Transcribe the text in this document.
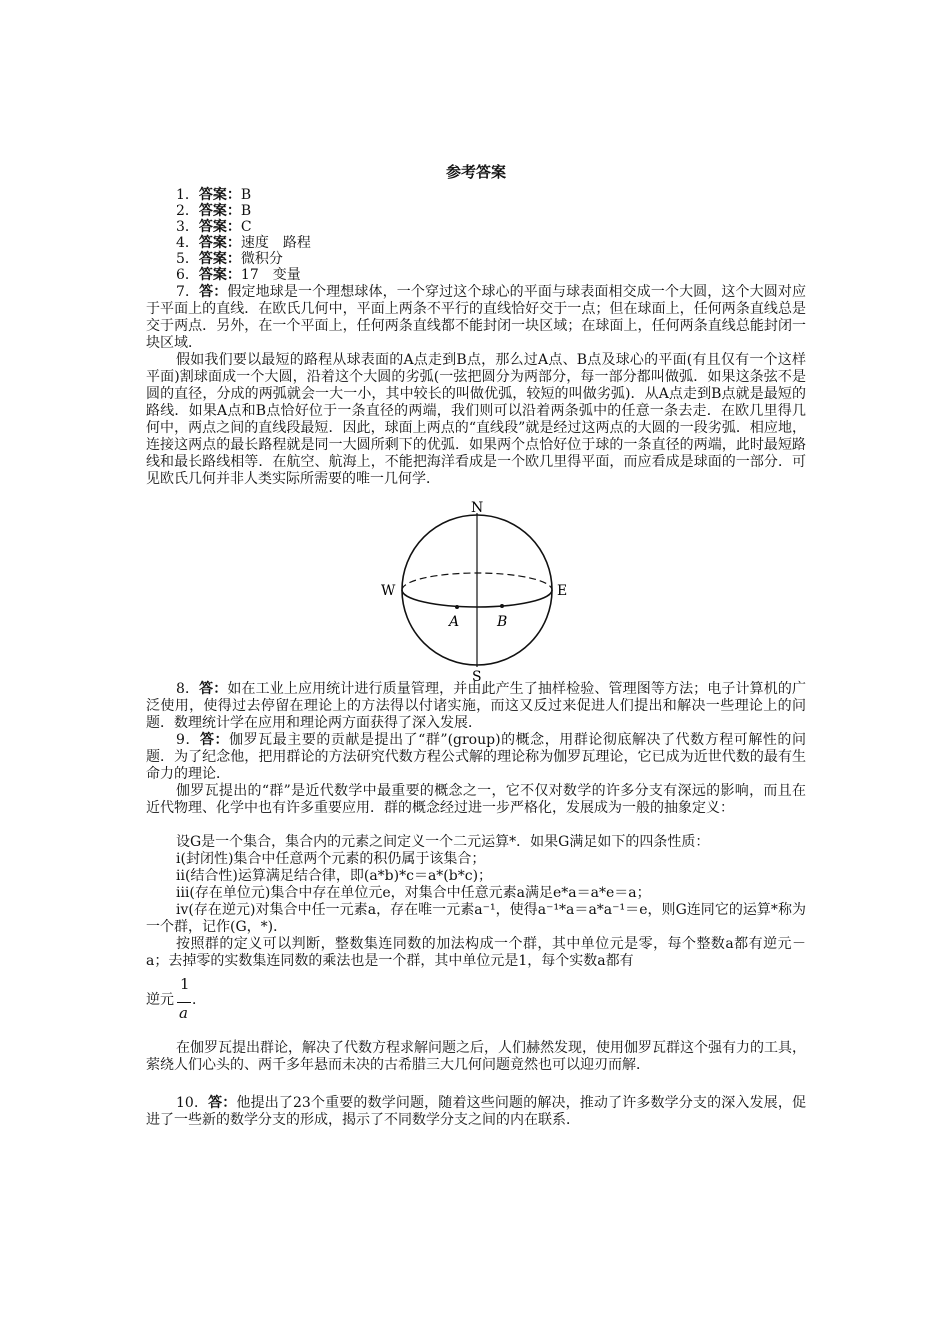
参考答案
1．答案：B
2．答案：B
3．答案：C
4．答案：速度　路程
5．答案：微积分
6．答案：17　变量
7．答：假定地球是一个理想球体，一个穿过这个球心的平面与球表面相交成一个大圆，这个大圆对应于平面上的直线．在欧氏几何中，平面上两条不平行的直线恰好交于一点；但在球面上，任何两条直线总是交于两点．另外，在一个平面上，任何两条直线都不能封闭一块区域；在球面上，任何两条直线总能封闭一块区域．
假如我们要以最短的路程从球表面的A点走到B点，那么过A点、B点及球心的平面(有且仅有一个这样平面)割球面成一个大圆，沿着这个大圆的劣弧(一弦把圆分为两部分，每一部分都叫做弧．如果这条弦不是圆的直径，分成的两弧就会一大一小，其中较长的叫做优弧，较短的叫做劣弧)．从A点走到B点就是最短的路线．如果A点和B点恰好位于一条直径的两端，我们则可以沿着两条弧中的任意一条去走．在欧几里得几何中，两点之间的直线段最短．因此，球面上两点的“直线段”就是经过这两点的大圆的一段劣弧．相应地，连接这两点的最长路程就是同一大圆所剩下的优弧．如果两个点恰好位于球的一条直径的两端，此时最短路线和最长路线相等．在航空、航海上，不能把海洋看成是一个欧几里得平面，而应看成是球面的一部分．可见欧氏几何并非人类实际所需要的唯一几何学．
N
S
W	E
A	B
8．答：如在工业上应用统计进行质量管理，并由此产生了抽样检验、管理图等方法；电子计算机的广泛使用，使得过去停留在理论上的方法得以付诸实施，而这又反过来促进人们提出和解决一些理论上的问题．数理统计学在应用和理论两方面获得了深入发展．
9．答：伽罗瓦最主要的贡献是提出了“群”(group)的概念，用群论彻底解决了代数方程可解性的问题．为了纪念他，把用群论的方法研究代数方程公式解的理论称为伽罗瓦理论，它已成为近世代数的最有生命力的理论．
伽罗瓦提出的“群”是近代数学中最重要的概念之一，它不仅对数学的许多分支有深远的影响，而且在近代物理、化学中也有许多重要应用．群的概念经过进一步严格化，发展成为一般的抽象定义：
设G是一个集合，集合内的元素之间定义一个二元运算*．如果G满足如下的四条性质：
ⅰ(封闭性)集合中任意两个元素的积仍属于该集合；
ⅱ(结合性)运算满足结合律，即(a*b)*c＝a*(b*c)；
ⅲ(存在单位元)集合中存在单位元e，对集合中任意元素a满足e*a＝a*e＝a；
ⅳ(存在逆元)对集合中任一元素a，存在唯一元素a⁻¹，使得a⁻¹*a＝a*a⁻¹＝e，则G连同它的运算*称为一个群，记作(G，*)．
按照群的定义可以判断，整数集连同数的加法构成一个群，其中单位元是零，每个整数a都有逆元－a；去掉零的实数集连同数的乘法也是一个群，其中单位元是1，每个实数a都有
逆元
1
a
．
在伽罗瓦提出群论，解决了代数方程求解问题之后，人们赫然发现，使用伽罗瓦群这个强有力的工具，萦绕人们心头的、两千多年悬而未决的古希腊三大几何问题竟然也可以迎刃而解．
10．答：他提出了23个重要的数学问题，随着这些问题的解决，推动了许多数学分支的深入发展，促进了一些新的数学分支的形成，揭示了不同数学分支之间的内在联系．
